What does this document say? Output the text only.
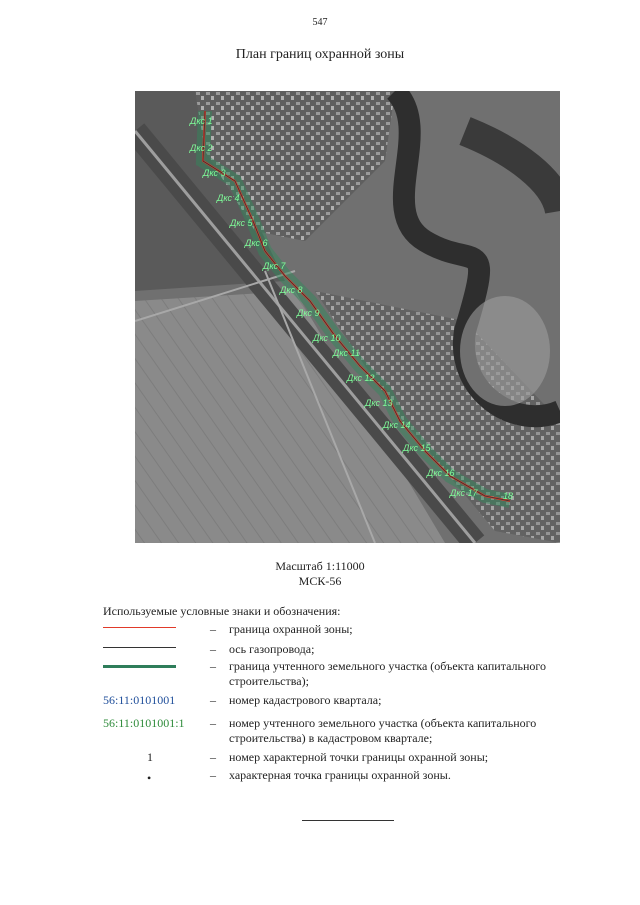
547
План границ охранной зоны
Дкс 1
Дкс 2
Дкс 3
Дкс 4
Дкс 5
Дкс 6
Дкс 7
Дкс 8
Дкс 9
Дкс 10
Дкс 11
Дкс 12
Дкс 13
Дкс 14
Дкс 15
Дкс 16
Дкс 17	18
Масштаб 1:11000
МСК-56
Используемые условные знаки и обозначения:
– граница охранной зоны;
– ось газопровода;
– граница учтенного земельного участка (объекта капитального строительства);
56:11:0101001	– номер кадастрового квартала;
56:11:0101001:1	– номер учтенного земельного участка (объекта капитального строительства) в кадастровом квартале;
1	– номер характерной точки границы охранной зоны;
•	– характерная точка границы охранной зоны.
